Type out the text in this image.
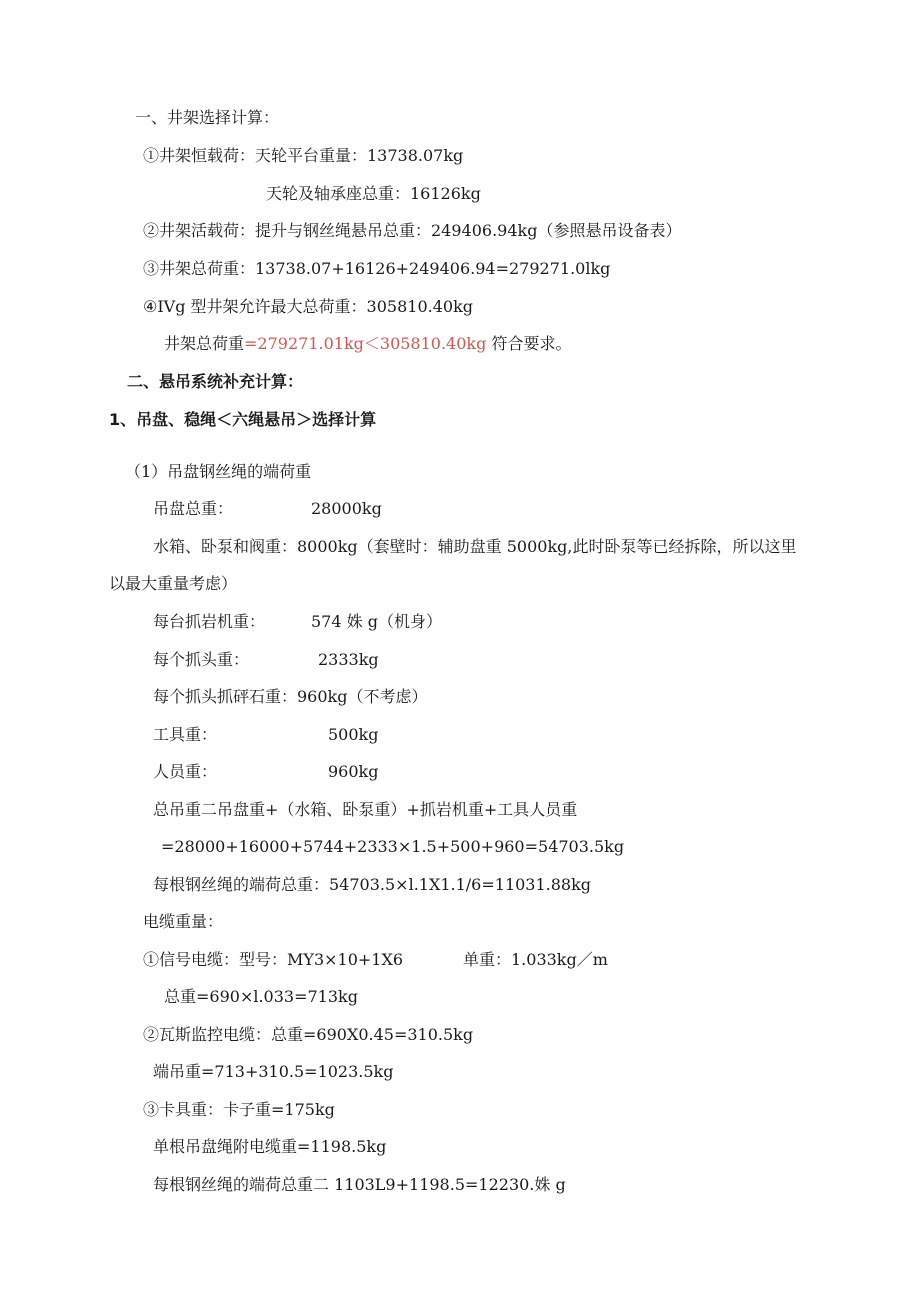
一、井架选择计算：
①井架恒载荷：天轮平台重量：13738.07kg
天轮及轴承座总重：16126kg
②井架活载荷：提升与钢丝绳悬吊总重：249406.94kg（参照悬吊设备表）
③井架总荷重：13738.07+16126+249406.94=279271.0lkg
④IVg 型井架允许最大总荷重：305810.40kg
井架总荷重=279271.01kg＜305810.40kg 符合要求。
二、悬吊系统补充计算：
1、吊盘、稳绳＜六绳悬吊＞选择计算
（1）吊盘钢丝绳的端荷重
吊盘总重：	28000kg
水箱、卧泵和阀重：8000kg（套壁时：辅助盘重 5000kg,此时卧泵等已经拆除，所以这里
以最大重量考虑）
每台抓岩机重：	574 姝 g（机身）
每个抓头重：	2333kg
每个抓头抓砰石重：960kg（不考虑）
工具重：	500kg
人员重：	960kg
总吊重二吊盘重+（水箱、卧泵重）+抓岩机重+工具人员重
=28000+16000+5744+2333×1.5+500+960=54703.5kg
每根钢丝绳的端荷总重：54703.5×l.1X1.1/6=11031.88kg
电缆重量：
①信号电缆：型号：MY3×10+1X6	单重：1.033kg／m
总重=690×l.033=713kg
②瓦斯监控电缆：总重=690X0.45=310.5kg
端吊重=713+310.5=1023.5kg
③卡具重：卡子重=175kg
单根吊盘绳附电缆重=1198.5kg
每根钢丝绳的端荷总重二 1103L9+1198.5=12230.姝 g
